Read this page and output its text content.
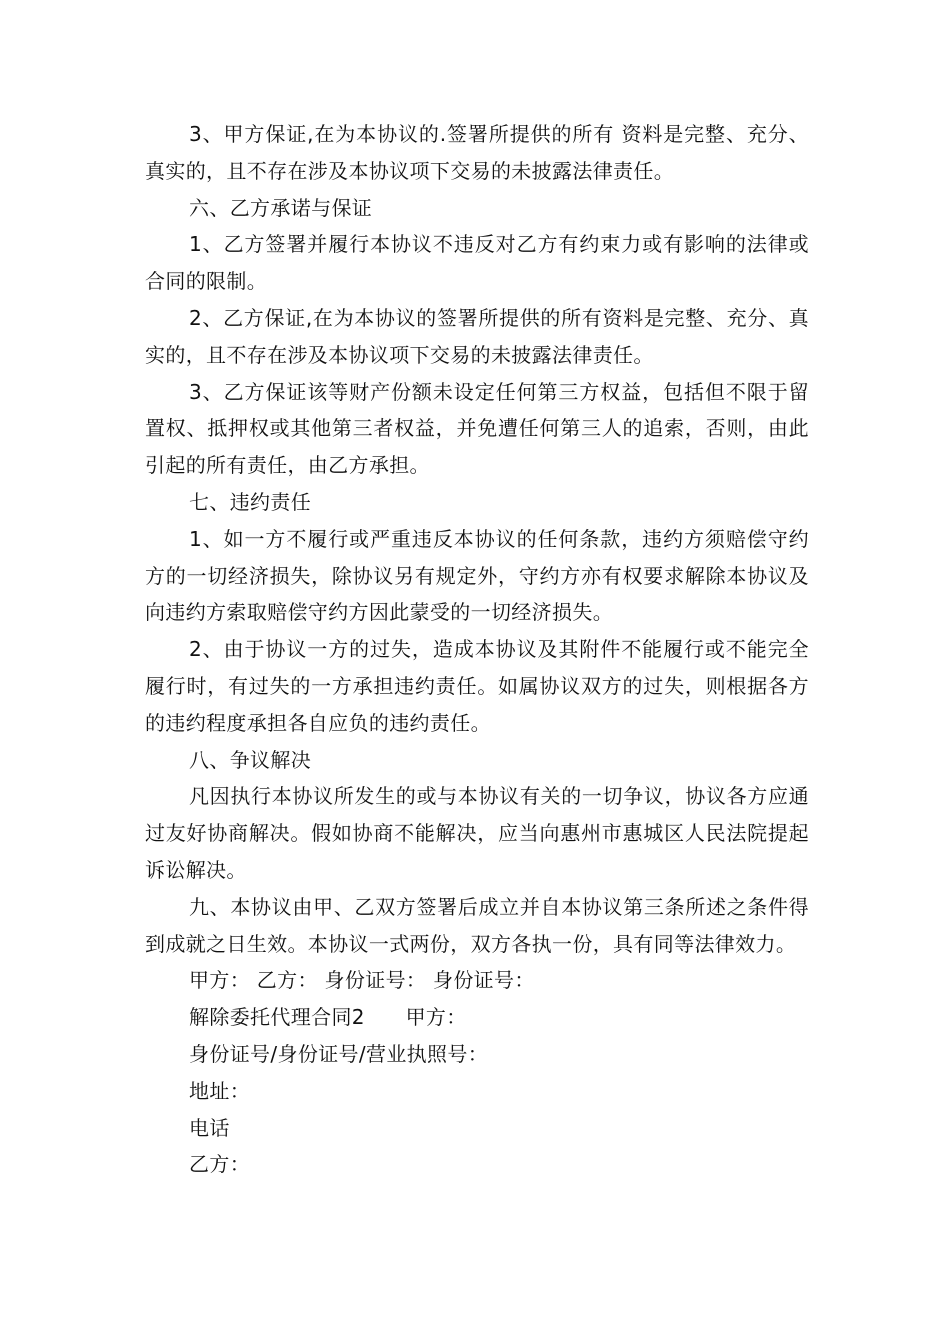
3、甲方保证,在为本协议的.签署所提供的所有 资料是完整、充分、真实的，且不存在涉及本协议项下交易的未披露法律责任。

六、乙方承诺与保证

1、乙方签署并履行本协议不违反对乙方有约束力或有影响的法律或合同的限制。

2、乙方保证,在为本协议的签署所提供的所有资料是完整、充分、真实的，且不存在涉及本协议项下交易的未披露法律责任。

3、乙方保证该等财产份额未设定任何第三方权益，包括但不限于留置权、抵押权或其他第三者权益，并免遭任何第三人的追索，否则，由此引起的所有责任，由乙方承担。

七、违约责任

1、如一方不履行或严重违反本协议的任何条款，违约方须赔偿守约方的一切经济损失，除协议另有规定外，守约方亦有权要求解除本协议及向违约方索取赔偿守约方因此蒙受的一切经济损失。

2、由于协议一方的过失，造成本协议及其附件不能履行或不能完全履行时，有过失的一方承担违约责任。如属协议双方的过失，则根据各方的违约程度承担各自应负的违约责任。

八、争议解决

凡因执行本协议所发生的或与本协议有关的一切争议，协议各方应通过友好协商解决。假如协商不能解决，应当向惠州市惠城区人民法院提起诉讼解决。

九、本协议由甲、乙双方签署后成立并自本协议第三条所述之条件得到成就之日生效。本协议一式两份，双方各执一份，具有同等法律效力。

甲方： 乙方： 身份证号： 身份证号：

解除委托代理合同2　　甲方：

身份证号/身份证号/营业执照号：

地址：

电话

乙方：
